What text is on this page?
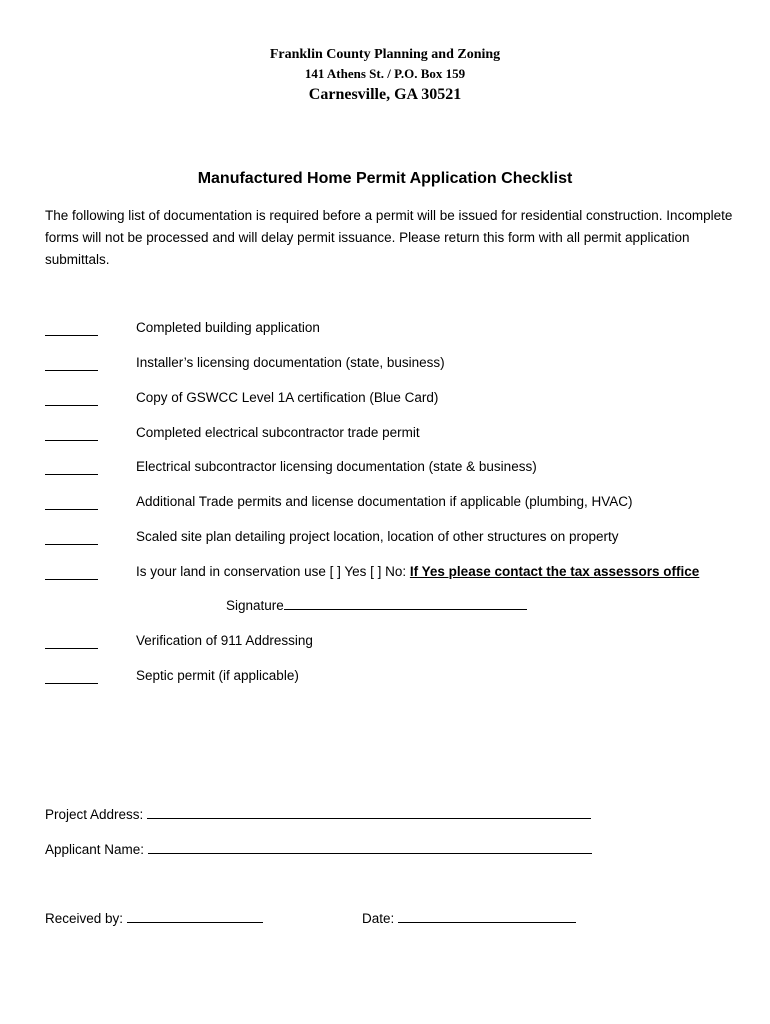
Franklin County Planning and Zoning
141 Athens St. / P.O. Box 159
Carnesville, GA 30521
Manufactured Home Permit Application Checklist
The following list of documentation is required before a permit will be issued for residential construction. Incomplete forms will not be processed and will delay permit issuance. Please return this form with all permit application submittals.
Completed building application
Installer’s licensing documentation (state, business)
Copy of GSWCC Level 1A certification (Blue Card)
Completed electrical subcontractor trade permit
Electrical subcontractor licensing documentation (state & business)
Additional Trade permits and license documentation if applicable (plumbing, HVAC)
Scaled site plan detailing project location, location of other structures on property
Is your land in conservation use [ ] Yes [ ] No: If Yes please contact the tax assessors office
Signature
Verification of 911 Addressing
Septic permit (if applicable)
Project Address:
Applicant Name:
Received by:	Date:
